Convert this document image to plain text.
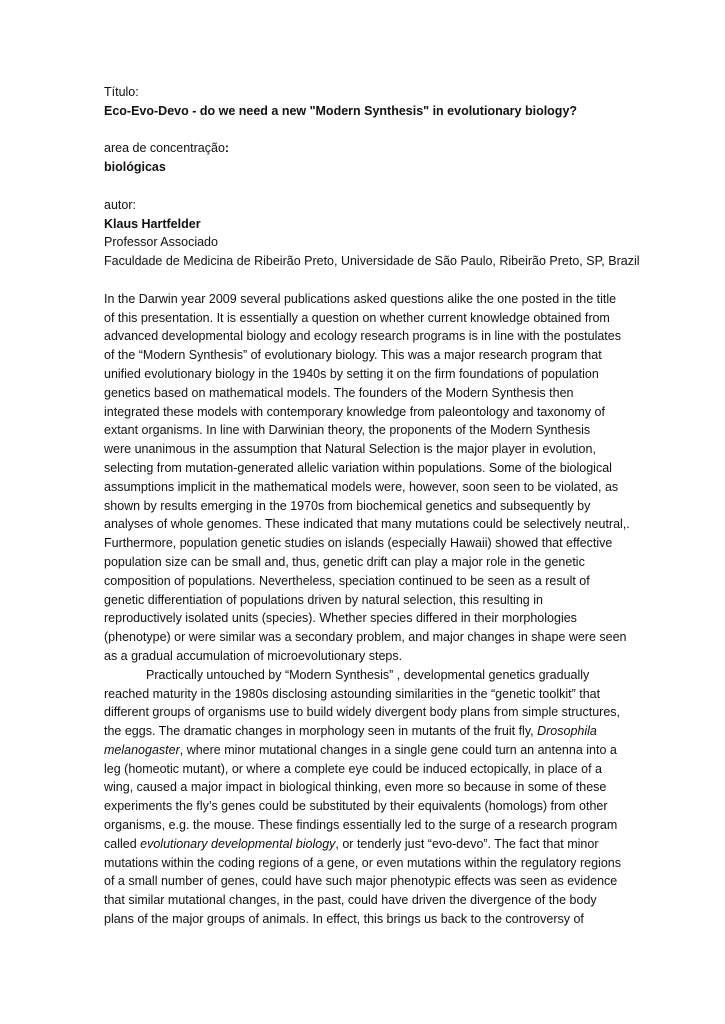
Título:
Eco-Evo-Devo - do we need a new "Modern Synthesis" in evolutionary biology?
area de concentração:
biológicas
autor:
Klaus Hartfelder
Professor Associado
Faculdade de Medicina de Ribeirão Preto, Universidade de São Paulo, Ribeirão Preto, SP, Brazil
In the Darwin year 2009 several publications asked questions alike the one posted in the title
of this presentation. It is essentially a question on whether current knowledge obtained from
advanced developmental biology and ecology research programs is in line with the postulates
of the “Modern Synthesis” of evolutionary biology. This was a major research program that
unified evolutionary biology in the 1940s by setting it on the firm foundations of population
genetics based on mathematical models. The founders of the Modern Synthesis then
integrated these models with contemporary knowledge from paleontology and taxonomy of
extant organisms. In line with Darwinian theory, the proponents of the Modern Synthesis
were unanimous in the assumption that Natural Selection is the major player in evolution,
selecting from mutation-generated allelic variation within populations. Some of the biological
assumptions implicit in the mathematical models were, however, soon seen to be violated, as
shown by results emerging in the 1970s from biochemical genetics and subsequently by
analyses of whole genomes. These indicated that many mutations could be selectively neutral,.
Furthermore, population genetic studies on islands (especially Hawaii) showed that effective
population size can be small and, thus, genetic drift can play a major role in the genetic
composition of populations. Nevertheless, speciation continued to be seen as a result of
genetic differentiation of populations driven by natural selection, this resulting in
reproductively isolated units (species). Whether species differed in their morphologies
(phenotype) or were similar was a secondary problem, and major changes in shape were seen
as a gradual accumulation of microevolutionary steps.
Practically untouched by “Modern Synthesis” , developmental genetics gradually
reached maturity in the 1980s disclosing astounding similarities in the “genetic toolkit” that
different groups of organisms use to build widely divergent body plans from simple structures,
the eggs. The dramatic changes in morphology seen in mutants of the fruit fly, Drosophila
melanogaster, where minor mutational changes in a single gene could turn an antenna into a
leg (homeotic mutant), or where a complete eye could be induced ectopically, in place of a
wing, caused a major impact in biological thinking, even more so because in some of these
experiments the fly’s genes could be substituted by their equivalents (homologs) from other
organisms, e.g. the mouse. These findings essentially led to the surge of a research program
called evolutionary developmental biology, or tenderly just “evo-devo”. The fact that minor
mutations within the coding regions of a gene, or even mutations within the regulatory regions
of a small number of genes, could have such major phenotypic effects was seen as evidence
that similar mutational changes, in the past, could have driven the divergence of the body
plans of the major groups of animals. In effect, this brings us back to the controversy of
